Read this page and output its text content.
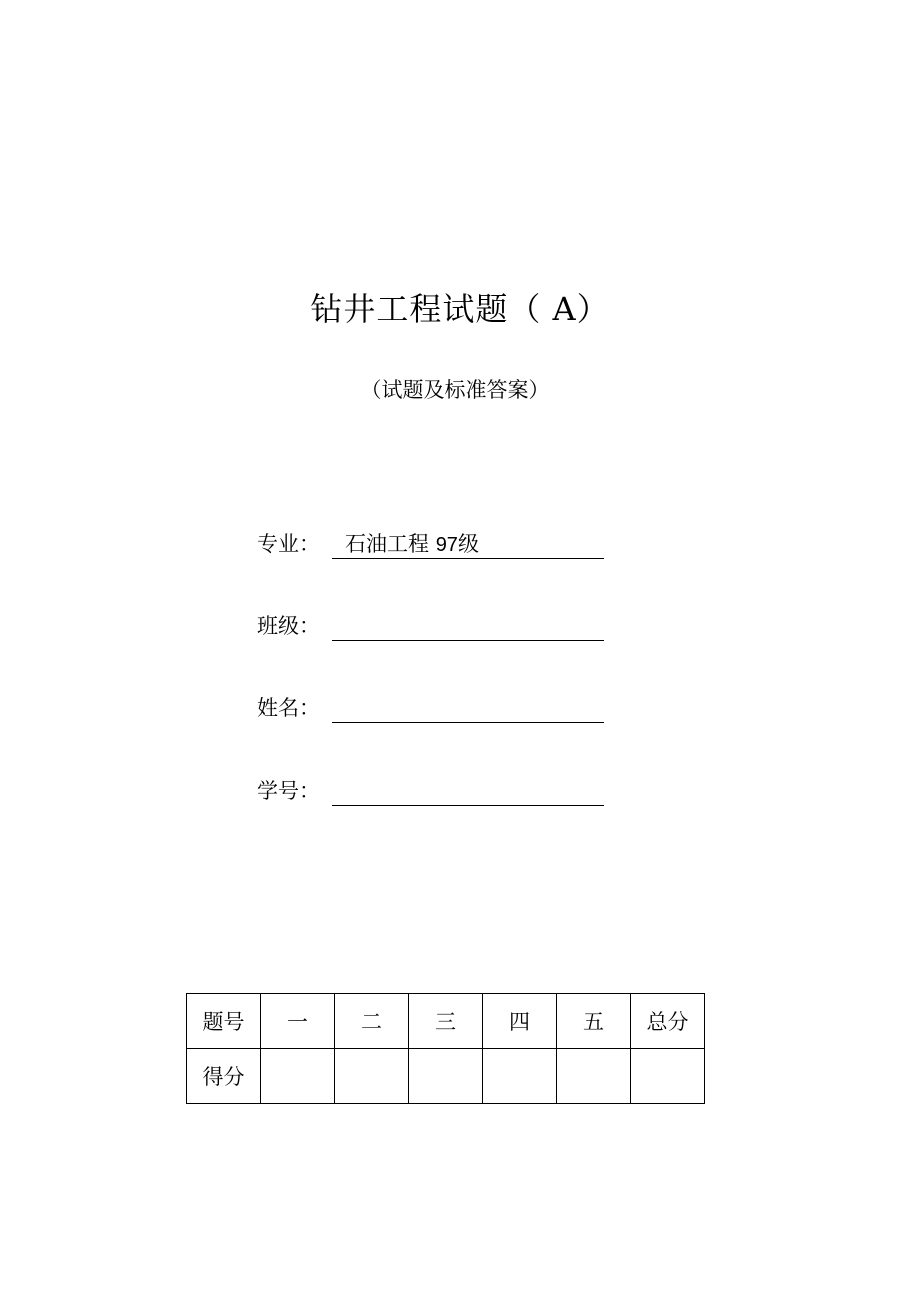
钻井工程试题（ A）
（试题及标准答案）
专业： 石油工程 97级
班级：
姓名：
学号：
题号	一	二	三	四	五	总分
得分						
